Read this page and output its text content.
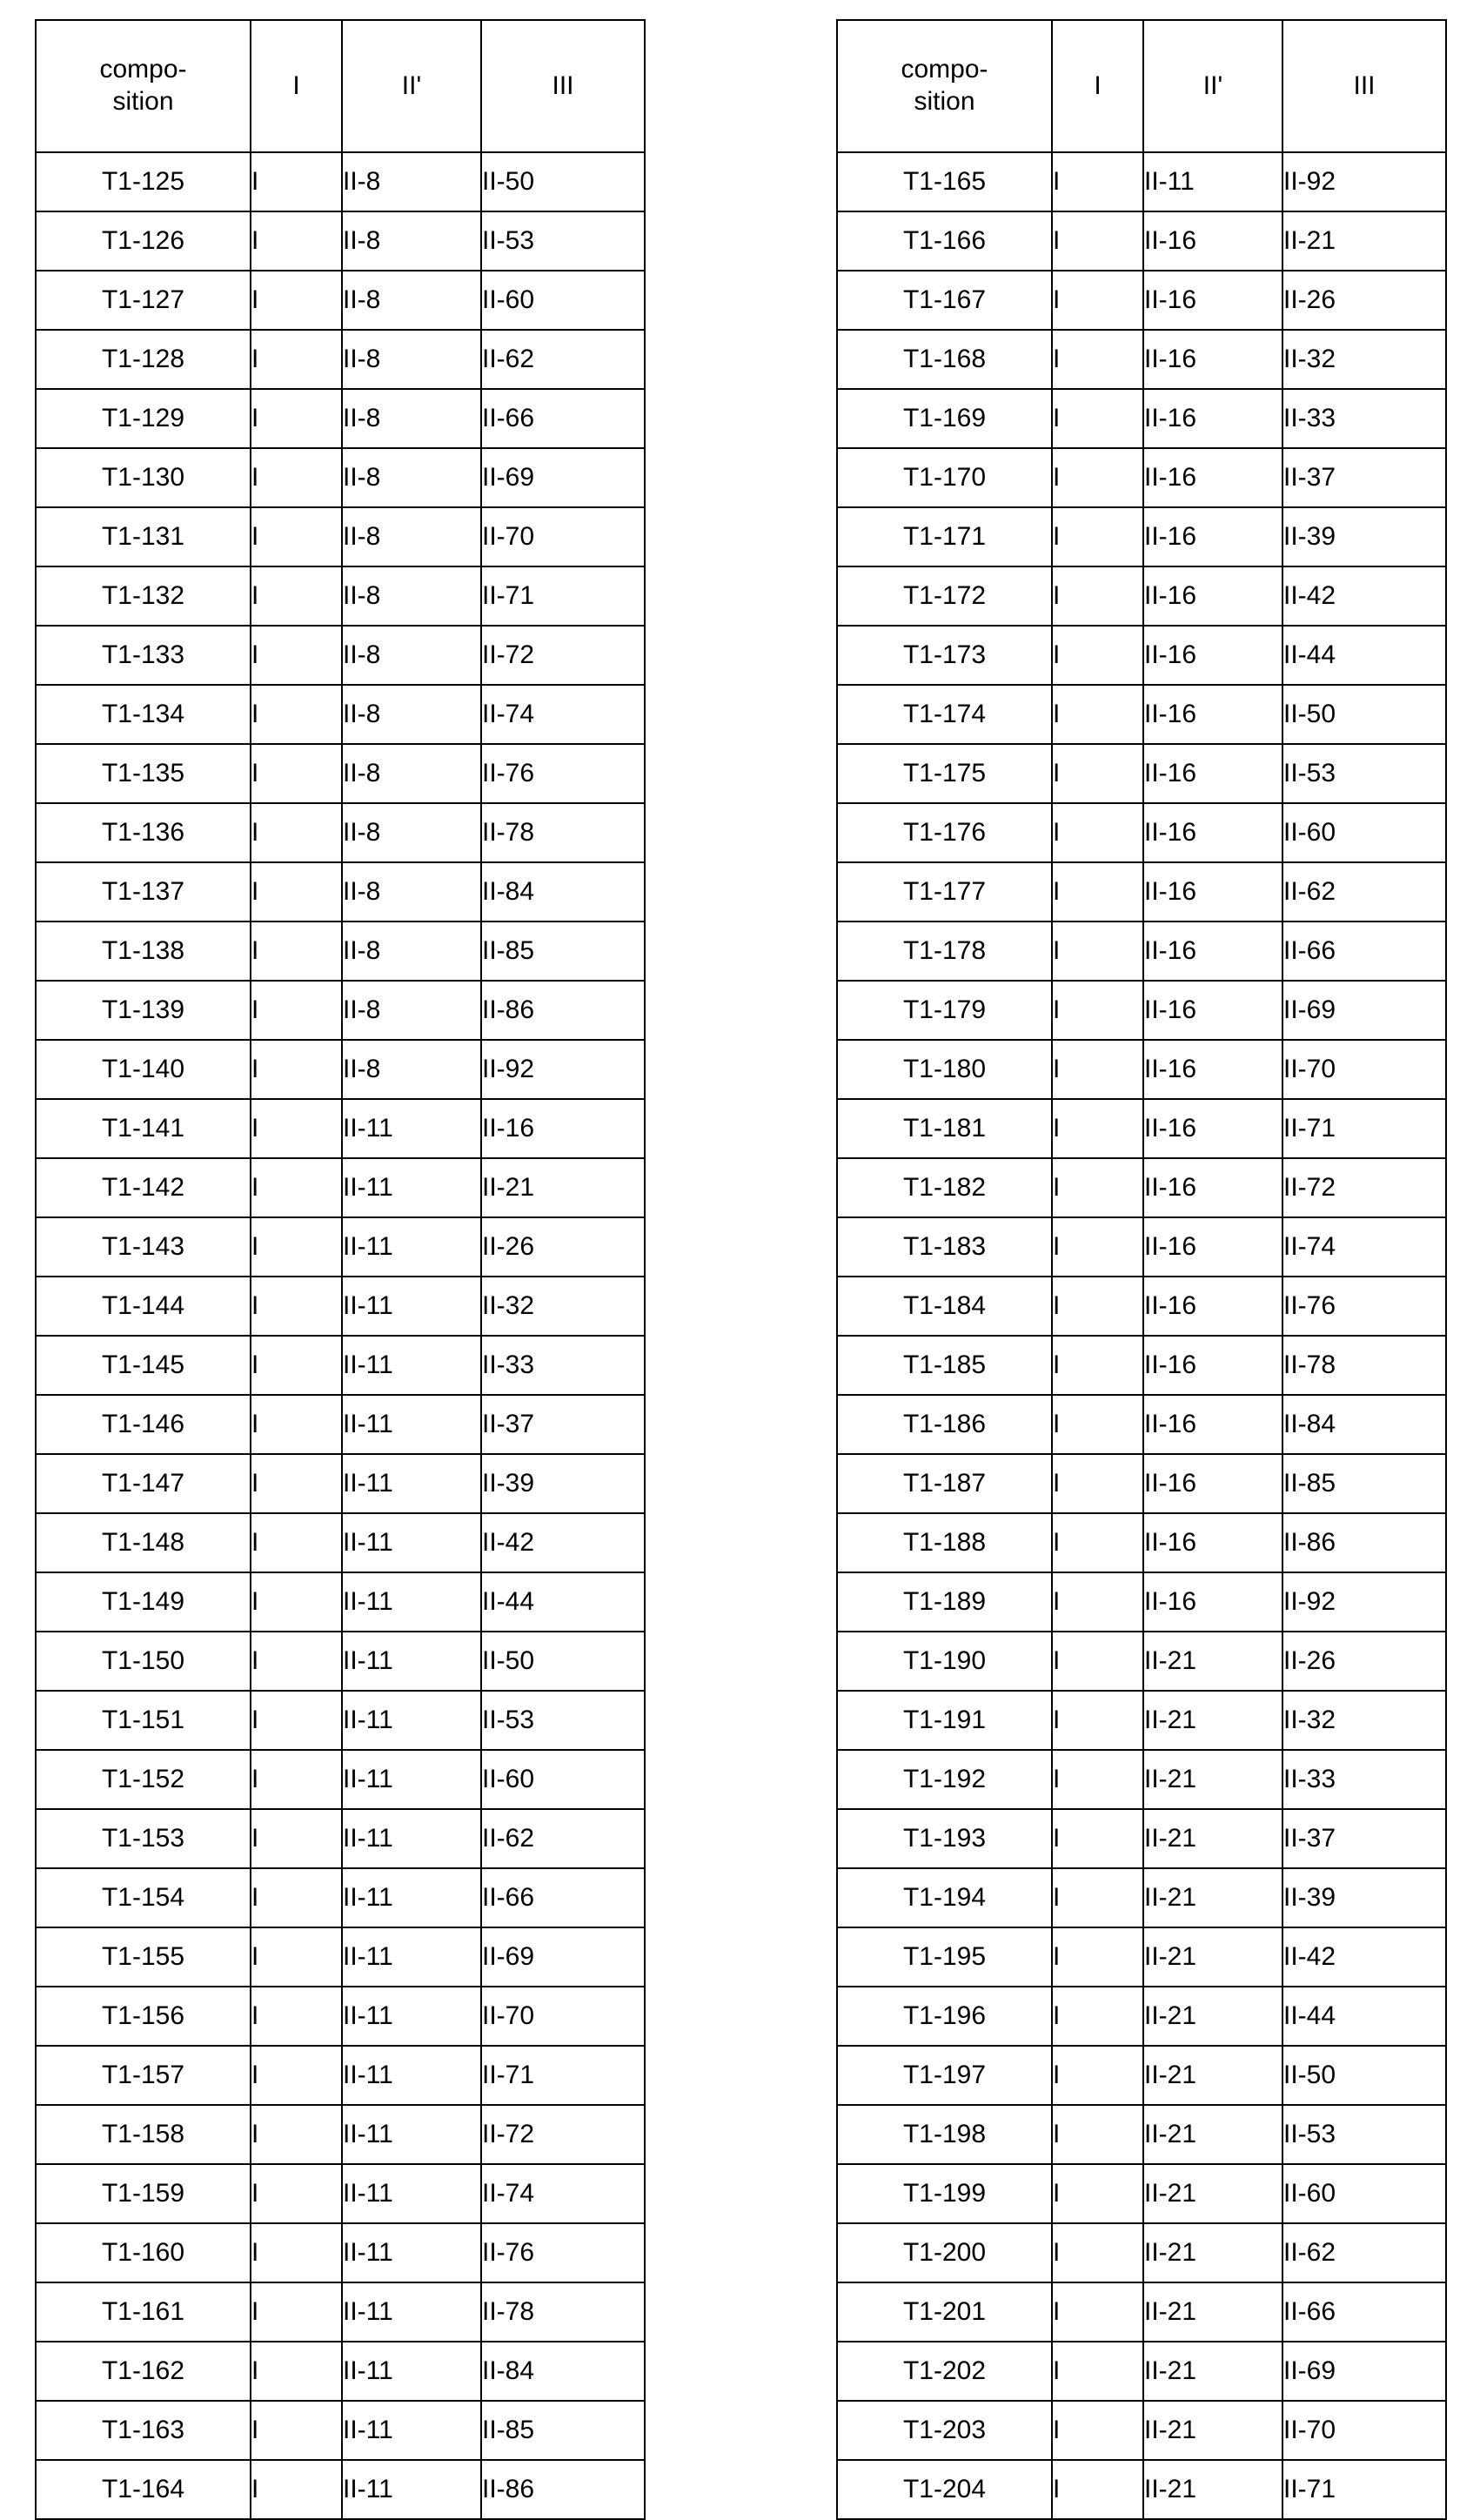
compo-
sition	I	II'	III
T1-125	I	II-8	II-50
T1-126	I	II-8	II-53
T1-127	I	II-8	II-60
T1-128	I	II-8	II-62
T1-129	I	II-8	II-66
T1-130	I	II-8	II-69
T1-131	I	II-8	II-70
T1-132	I	II-8	II-71
T1-133	I	II-8	II-72
T1-134	I	II-8	II-74
T1-135	I	II-8	II-76
T1-136	I	II-8	II-78
T1-137	I	II-8	II-84
T1-138	I	II-8	II-85
T1-139	I	II-8	II-86
T1-140	I	II-8	II-92
T1-141	I	II-11	II-16
T1-142	I	II-11	II-21
T1-143	I	II-11	II-26
T1-144	I	II-11	II-32
T1-145	I	II-11	II-33
T1-146	I	II-11	II-37
T1-147	I	II-11	II-39
T1-148	I	II-11	II-42
T1-149	I	II-11	II-44
T1-150	I	II-11	II-50
T1-151	I	II-11	II-53
T1-152	I	II-11	II-60
T1-153	I	II-11	II-62
T1-154	I	II-11	II-66
T1-155	I	II-11	II-69
T1-156	I	II-11	II-70
T1-157	I	II-11	II-71
T1-158	I	II-11	II-72
T1-159	I	II-11	II-74
T1-160	I	II-11	II-76
T1-161	I	II-11	II-78
T1-162	I	II-11	II-84
T1-163	I	II-11	II-85
T1-164	I	II-11	II-86
compo-
sition	I	II'	III
T1-165	I	II-11	II-92
T1-166	I	II-16	II-21
T1-167	I	II-16	II-26
T1-168	I	II-16	II-32
T1-169	I	II-16	II-33
T1-170	I	II-16	II-37
T1-171	I	II-16	II-39
T1-172	I	II-16	II-42
T1-173	I	II-16	II-44
T1-174	I	II-16	II-50
T1-175	I	II-16	II-53
T1-176	I	II-16	II-60
T1-177	I	II-16	II-62
T1-178	I	II-16	II-66
T1-179	I	II-16	II-69
T1-180	I	II-16	II-70
T1-181	I	II-16	II-71
T1-182	I	II-16	II-72
T1-183	I	II-16	II-74
T1-184	I	II-16	II-76
T1-185	I	II-16	II-78
T1-186	I	II-16	II-84
T1-187	I	II-16	II-85
T1-188	I	II-16	II-86
T1-189	I	II-16	II-92
T1-190	I	II-21	II-26
T1-191	I	II-21	II-32
T1-192	I	II-21	II-33
T1-193	I	II-21	II-37
T1-194	I	II-21	II-39
T1-195	I	II-21	II-42
T1-196	I	II-21	II-44
T1-197	I	II-21	II-50
T1-198	I	II-21	II-53
T1-199	I	II-21	II-60
T1-200	I	II-21	II-62
T1-201	I	II-21	II-66
T1-202	I	II-21	II-69
T1-203	I	II-21	II-70
T1-204	I	II-21	II-71
